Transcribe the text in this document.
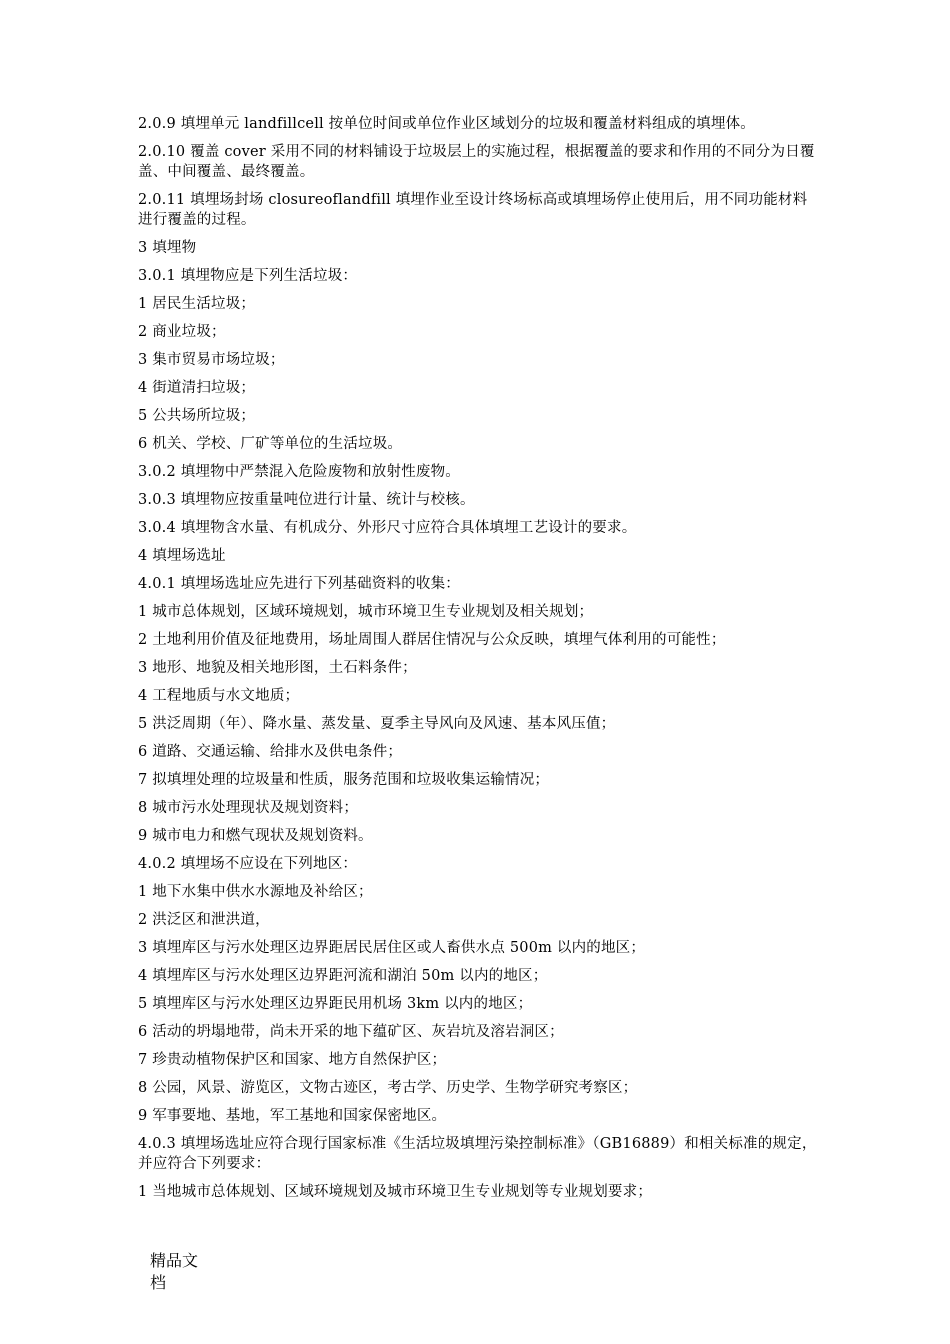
2.0.9 填埋单元 landfillcell 按单位时间或单位作业区域划分的垃圾和覆盖材料组成的填埋体。

2.0.10 覆盖 cover 采用不同的材料铺设于垃圾层上的实施过程，根据覆盖的要求和作用的不同分为日覆盖、中间覆盖、最终覆盖。

2.0.11 填埋场封场 closureoflandfill 填埋作业至设计终场标高或填埋场停止使用后，用不同功能材料进行覆盖的过程。

3 填埋物

3.0.1 填埋物应是下列生活垃圾：

1 居民生活垃圾；

2 商业垃圾；

3 集市贸易市场垃圾；

4 街道清扫垃圾；

5 公共场所垃圾；

6 机关、学校、厂矿等单位的生活垃圾。

3.0.2 填埋物中严禁混入危险废物和放射性废物。

3.0.3 填埋物应按重量吨位进行计量、统计与校核。

3.0.4 填埋物含水量、有机成分、外形尺寸应符合具体填埋工艺设计的要求。

4 填埋场选址

4.0.1 填埋场选址应先进行下列基础资料的收集：

1 城市总体规划，区域环境规划，城市环境卫生专业规划及相关规划；

2 土地利用价值及征地费用，场址周围人群居住情况与公众反映，填埋气体利用的可能性；

3 地形、地貌及相关地形图，土石料条件；

4 工程地质与水文地质；

5 洪泛周期（年）、降水量、蒸发量、夏季主导风向及风速、基本风压值；

6 道路、交通运输、给排水及供电条件；

7 拟填埋处理的垃圾量和性质，服务范围和垃圾收集运输情况；

8 城市污水处理现状及规划资料；

9 城市电力和燃气现状及规划资料。

4.0.2 填埋场不应设在下列地区：

1 地下水集中供水水源地及补给区；

2 洪泛区和泄洪道，

3 填埋库区与污水处理区边界距居民居住区或人畜供水点 500m 以内的地区；

4 填埋库区与污水处理区边界距河流和湖泊 50m 以内的地区；

5 填埋库区与污水处理区边界距民用机场 3km 以内的地区；

6 活动的坍塌地带，尚未开采的地下蕴矿区、灰岩坑及溶岩洞区；

7 珍贵动植物保护区和国家、地方自然保护区；

8 公园，风景、游览区，文物古迹区，考古学、历史学、生物学研究考察区；

9 军事要地、基地，军工基地和国家保密地区。

4.0.3 填埋场选址应符合现行国家标准《生活垃圾填埋污染控制标准》（GB16889）和相关标准的规定，并应符合下列要求：

1 当地城市总体规划、区域环境规划及城市环境卫生专业规划等专业规划要求；

精品文档
